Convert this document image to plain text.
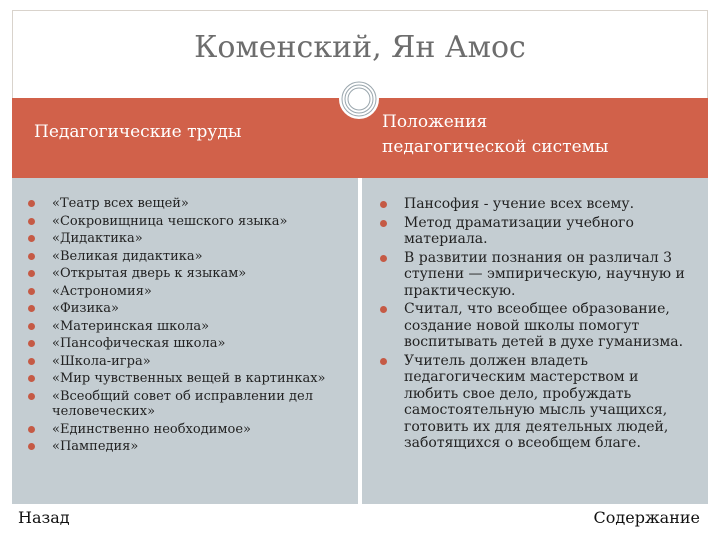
Коменский, Ян Амос
Педагогические труды	Положения
педагогической системы
«Театр всех вещей»
«Сокровищница чешского языка»
«Дидактика»
«Великая дидактика»
«Открытая дверь к языкам»
«Астрономия»
«Физика»
«Материнская школа»
«Пансофическая школа»
«Школа-игра»
«Мир чувственных вещей в картинках»
«Всеобщий совет об исправлении дел человеческих»
«Единственно необходимое»
«Пампедия»
Пансофия - учение всех всему.
Метод драматизации учебного материала.
В развитии познания он различал 3 ступени — эмпирическую, научную и практическую.
Считал, что всеобщее образование, создание новой школы помогут воспитывать детей в духе гуманизма.
Учитель должен владеть педагогическим мастерством и любить свое дело, пробуждать самостоятельную мысль учащихся, готовить их для деятельных людей, заботящихся о всеобщем благе.
Назад	Содержание
